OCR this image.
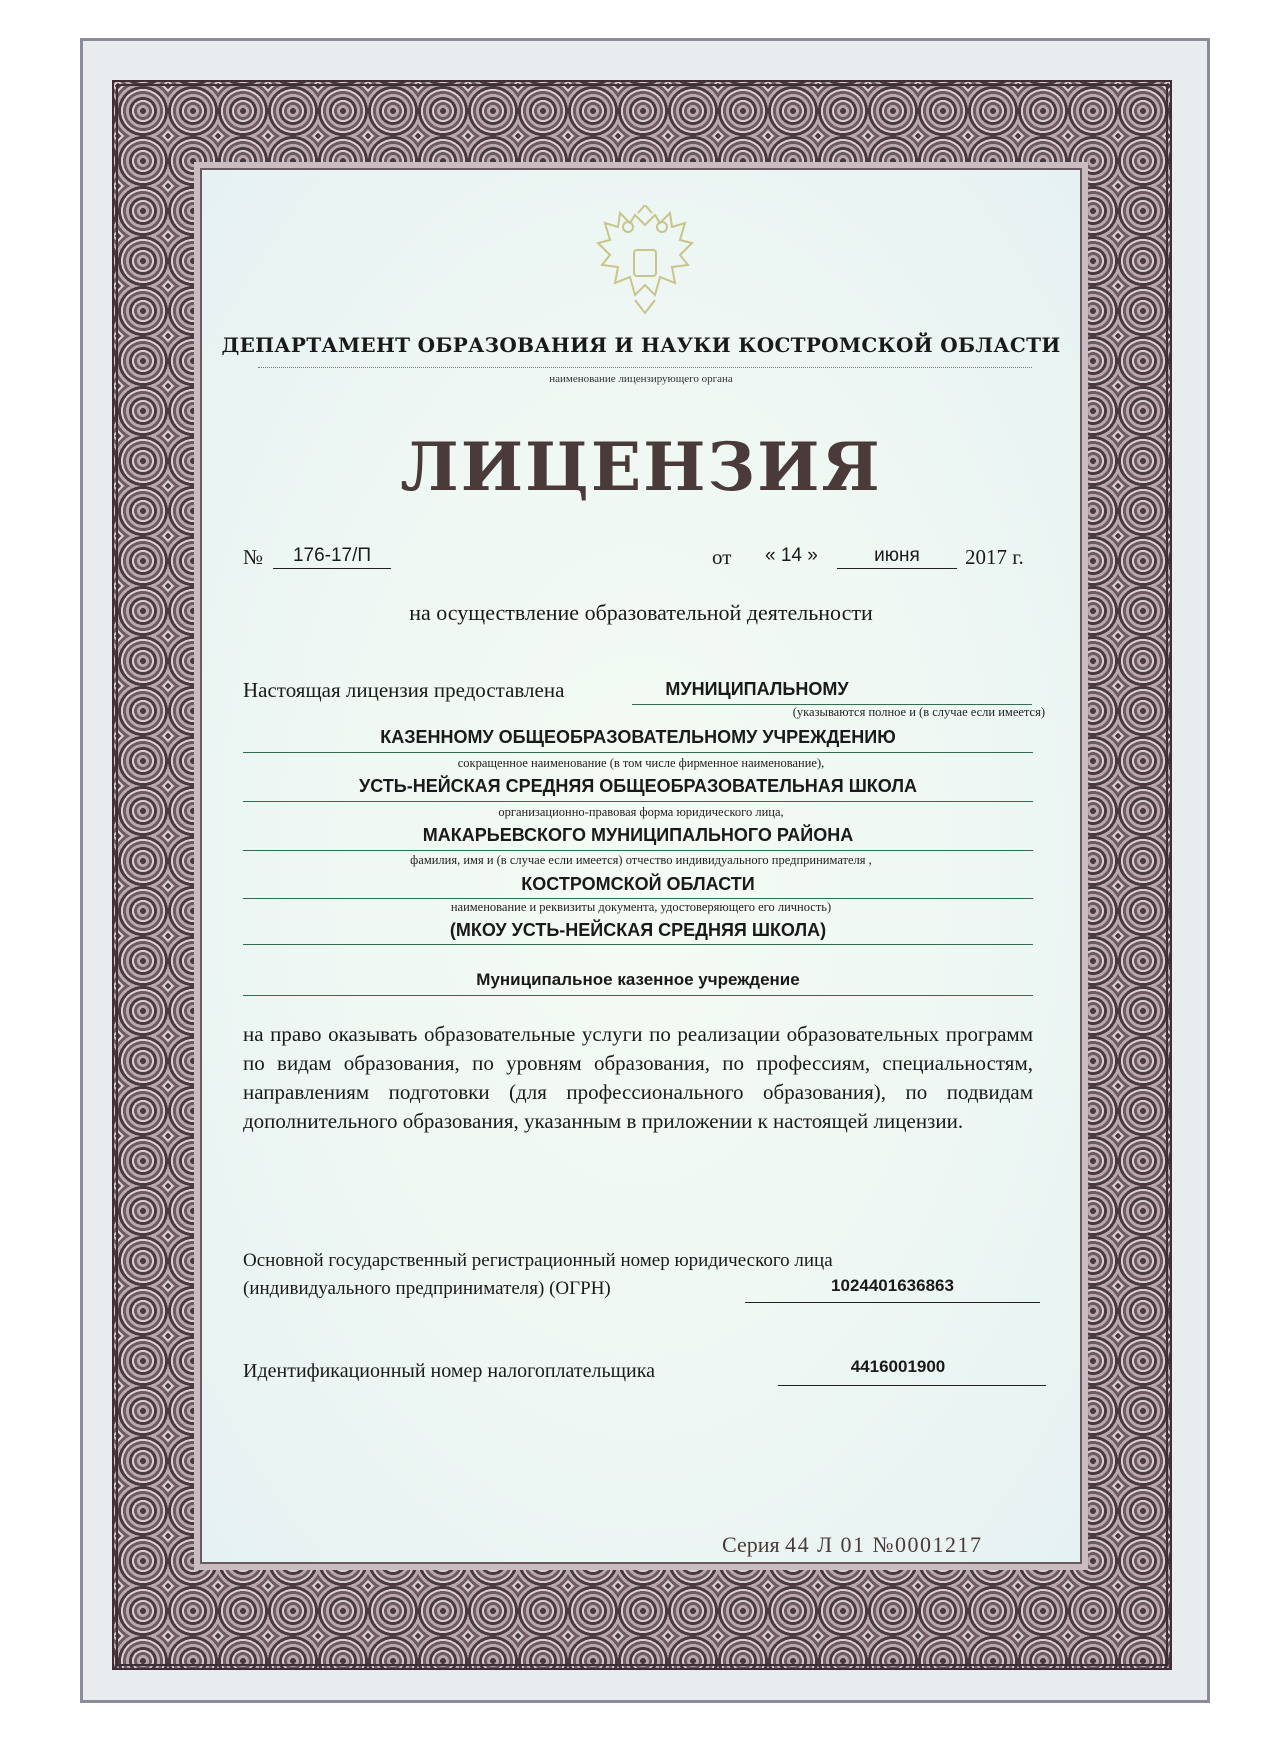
ДЕПАРТАМЕНТ ОБРАЗОВАНИЯ И НАУКИ КОСТРОМСКОЙ ОБЛАСТИ
наименование лицензирующего органа
ЛИЦЕНЗИЯ
№	176-17/П	от « 14 »	июня	2017 г.
на осуществление образовательной деятельности
Настоящая лицензия предоставлена	МУНИЦИПАЛЬНОМУ
(указываются полное и (в случае если имеется)
КАЗЕННОМУ ОБЩЕОБРАЗОВАТЕЛЬНОМУ УЧРЕЖДЕНИЮ
сокращенное наименование (в том числе фирменное наименование),
УСТЬ-НЕЙСКАЯ СРЕДНЯЯ ОБЩЕОБРАЗОВАТЕЛЬНАЯ ШКОЛА
организационно-правовая форма юридического лица,
МАКАРЬЕВСКОГО МУНИЦИПАЛЬНОГО РАЙОНА
фамилия, имя и (в случае если имеется) отчество индивидуального предпринимателя ,
КОСТРОМСКОЙ ОБЛАСТИ
наименование и реквизиты документа, удостоверяющего его личность)
(МКОУ УСТЬ-НЕЙСКАЯ СРЕДНЯЯ ШКОЛА)
Муниципальное казенное учреждение
на право оказывать образовательные услуги по реализации образовательных программ по видам образования, по уровням образования, по профессиям, специальностям, направлениям подготовки (для профессионального образования), по подвидам дополнительного образования, указанным в приложении к настоящей лицензии.
Основной государственный регистрационный номер юридического лица
(индивидуального предпринимателя) (ОГРН)	1024401636863
Идентификационный номер налогоплательщика	4416001900
Серия 44 Л 01 №0001217
